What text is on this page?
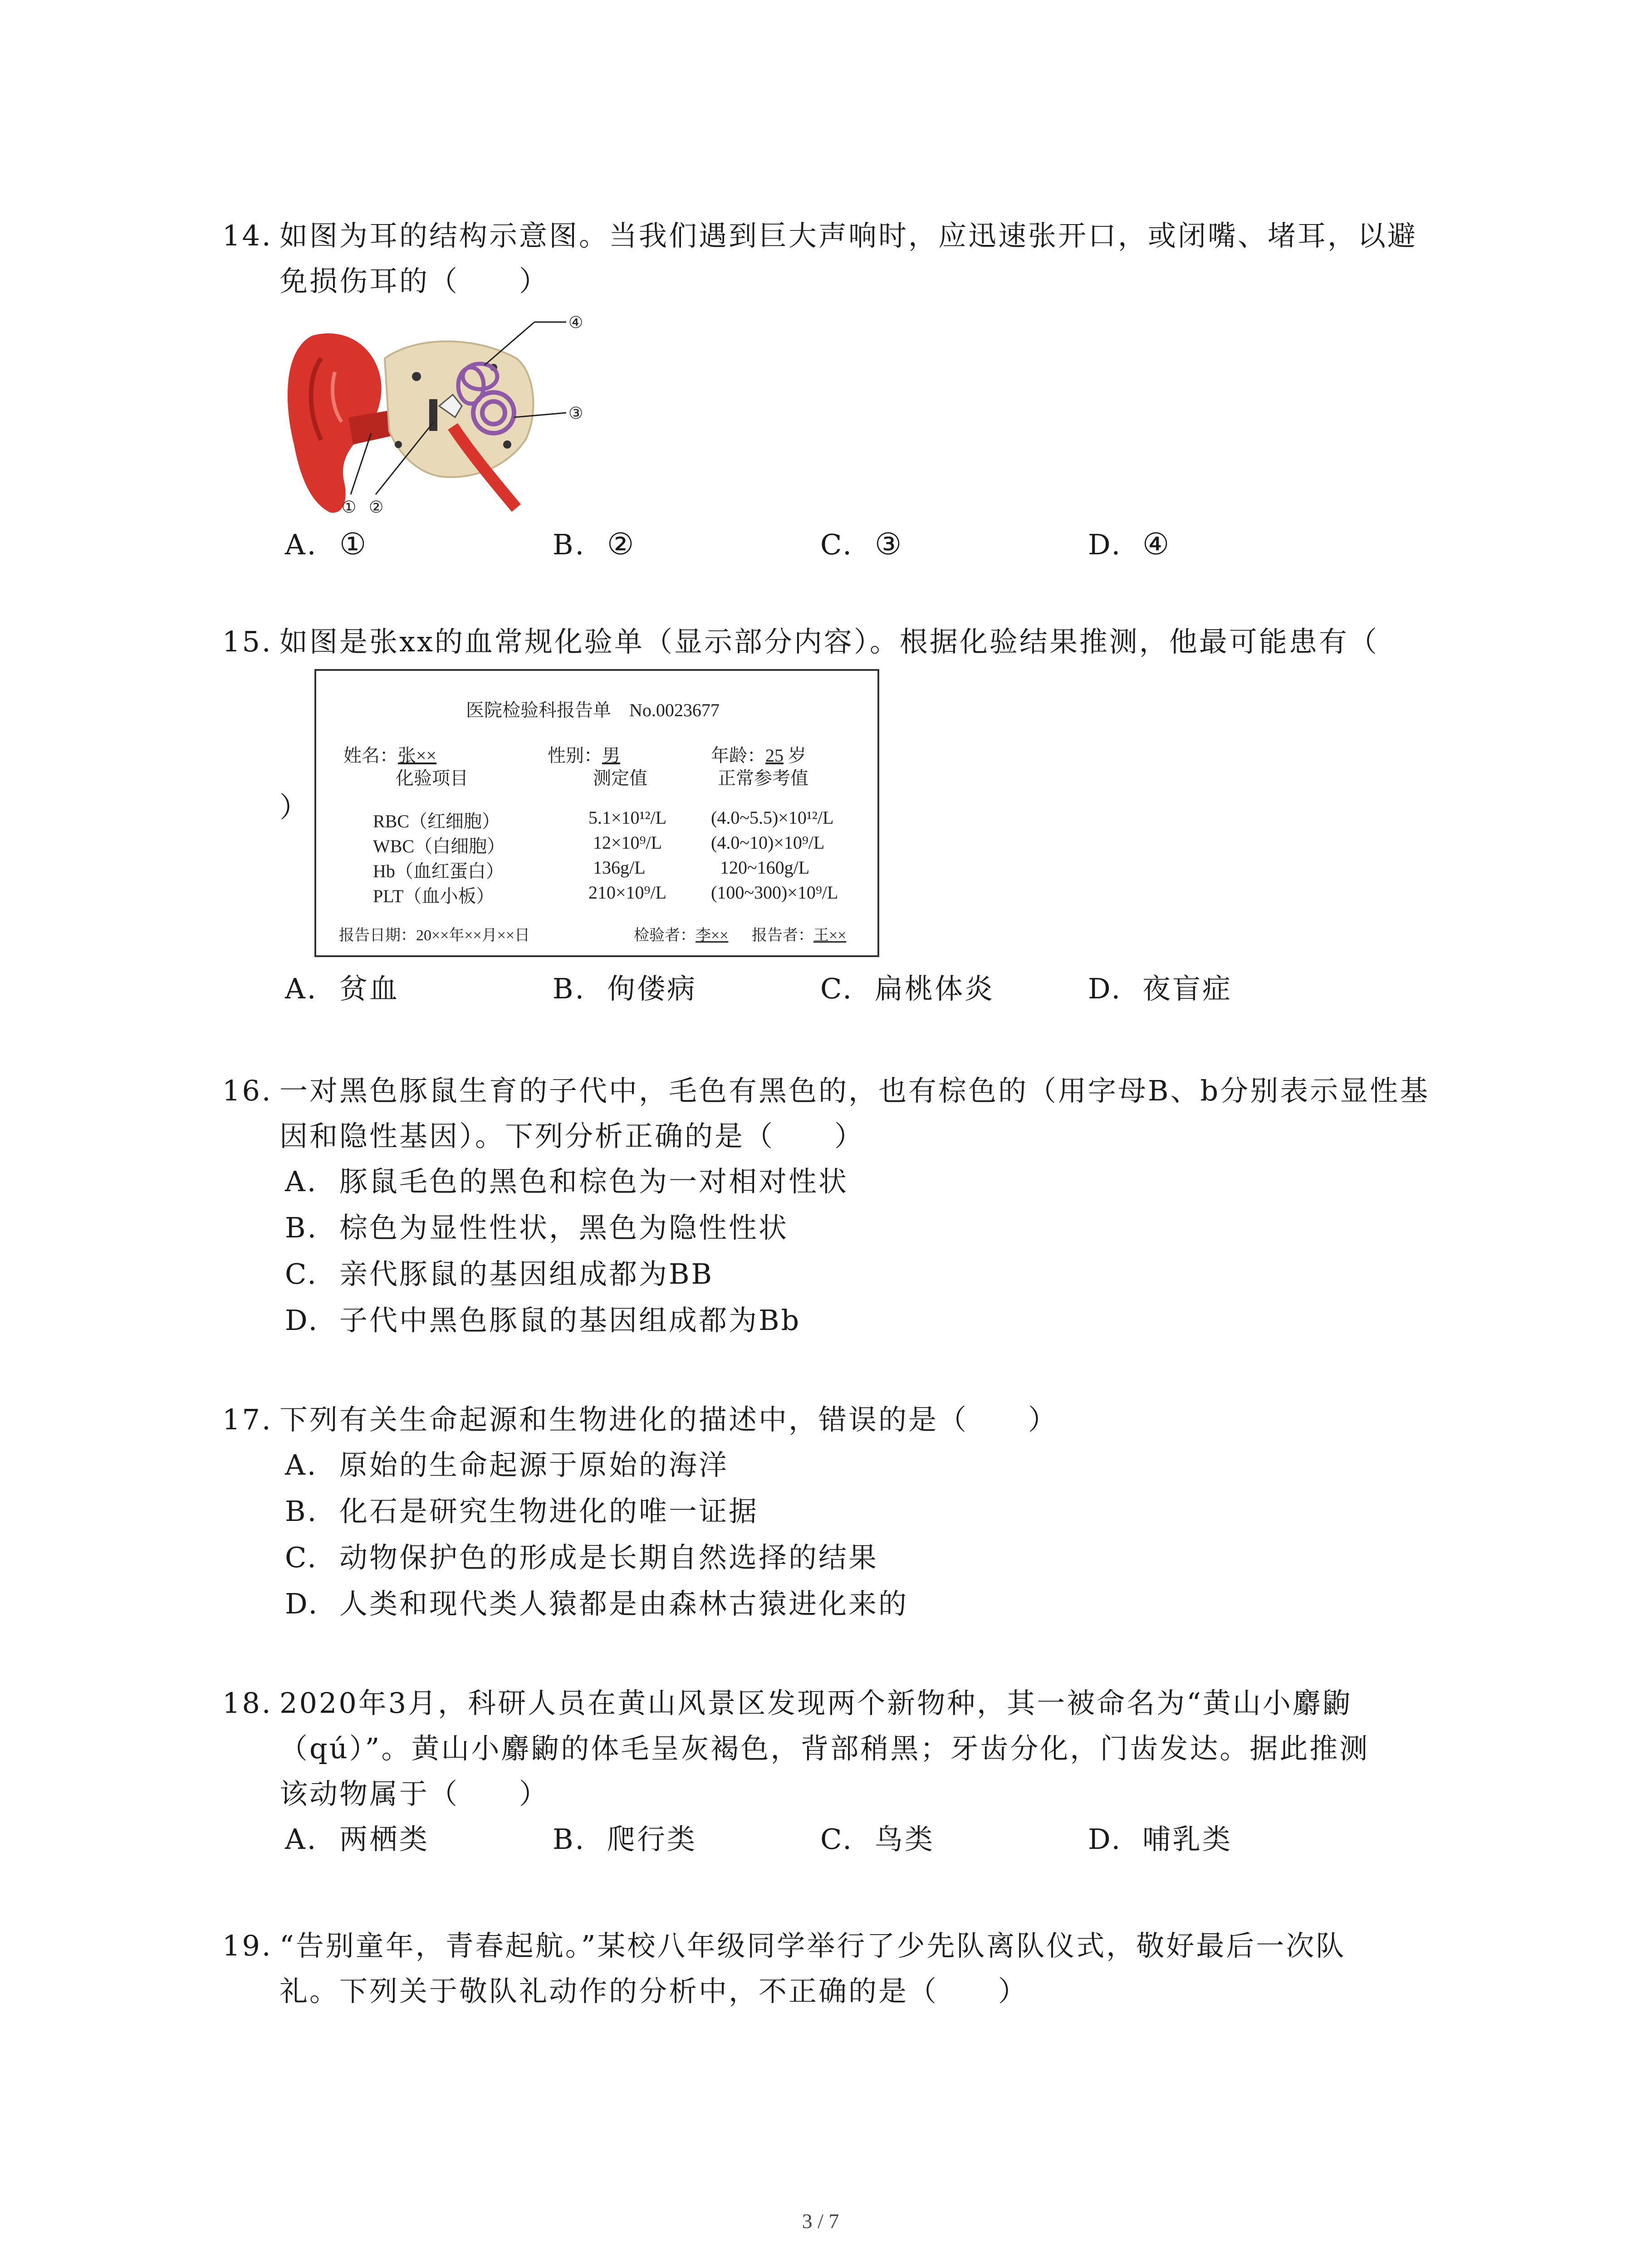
14. 如图为耳的结构示意图。当我们遇到巨大声响时，应迅速张开口，或闭嘴、堵耳，以避
免损伤耳的（　　）
① ②
③
④
A. ①	B. ②	C. ③	D. ④
15. 如图是张xx的血常规化验单（显示部分内容）。根据化验结果推测，他最可能患有（
）
医院检验科报告单　No.0023677
姓名：张××	性别：男	年龄：25 岁
化验项目	测定值	正常参考值
RBC（红细胞）	5.1×10¹²/L (4.0~5.5)×10¹²/L
WBC（白细胞）	12×10⁹/L	(4.0~10)×10⁹/L
Hb（血红蛋白）	136g/L	120~160g/L
PLT（血小板）	210×10⁹/L (100~300)×10⁹/L
报告日期：20××年××月××日	检验者：李×× 报告者：王××
A. 贫血	B. 佝偻病	C. 扁桃体炎	D. 夜盲症
16. 一对黑色豚鼠生育的子代中，毛色有黑色的，也有棕色的（用字母B、b分别表示显性基
因和隐性基因）。下列分析正确的是（　　）
A. 豚鼠毛色的黑色和棕色为一对相对性状
B. 棕色为显性性状，黑色为隐性性状
C. 亲代豚鼠的基因组成都为BB
D. 子代中黑色豚鼠的基因组成都为Bb
17. 下列有关生命起源和生物进化的描述中，错误的是（　　）
A. 原始的生命起源于原始的海洋
B. 化石是研究生物进化的唯一证据
C. 动物保护色的形成是长期自然选择的结果
D. 人类和现代类人猿都是由森林古猿进化来的
18. 2020年3月，科研人员在黄山风景区发现两个新物种，其一被命名为“黄山小麝鼩
（qú）”。黄山小麝鼩的体毛呈灰褐色，背部稍黑；牙齿分化，门齿发达。据此推测
该动物属于（　　）
A. 两栖类	B. 爬行类	C. 鸟类	D. 哺乳类
19. “告别童年，青春起航。”某校八年级同学举行了少先队离队仪式，敬好最后一次队
礼。下列关于敬队礼动作的分析中，不正确的是（　　）
3 / 7
